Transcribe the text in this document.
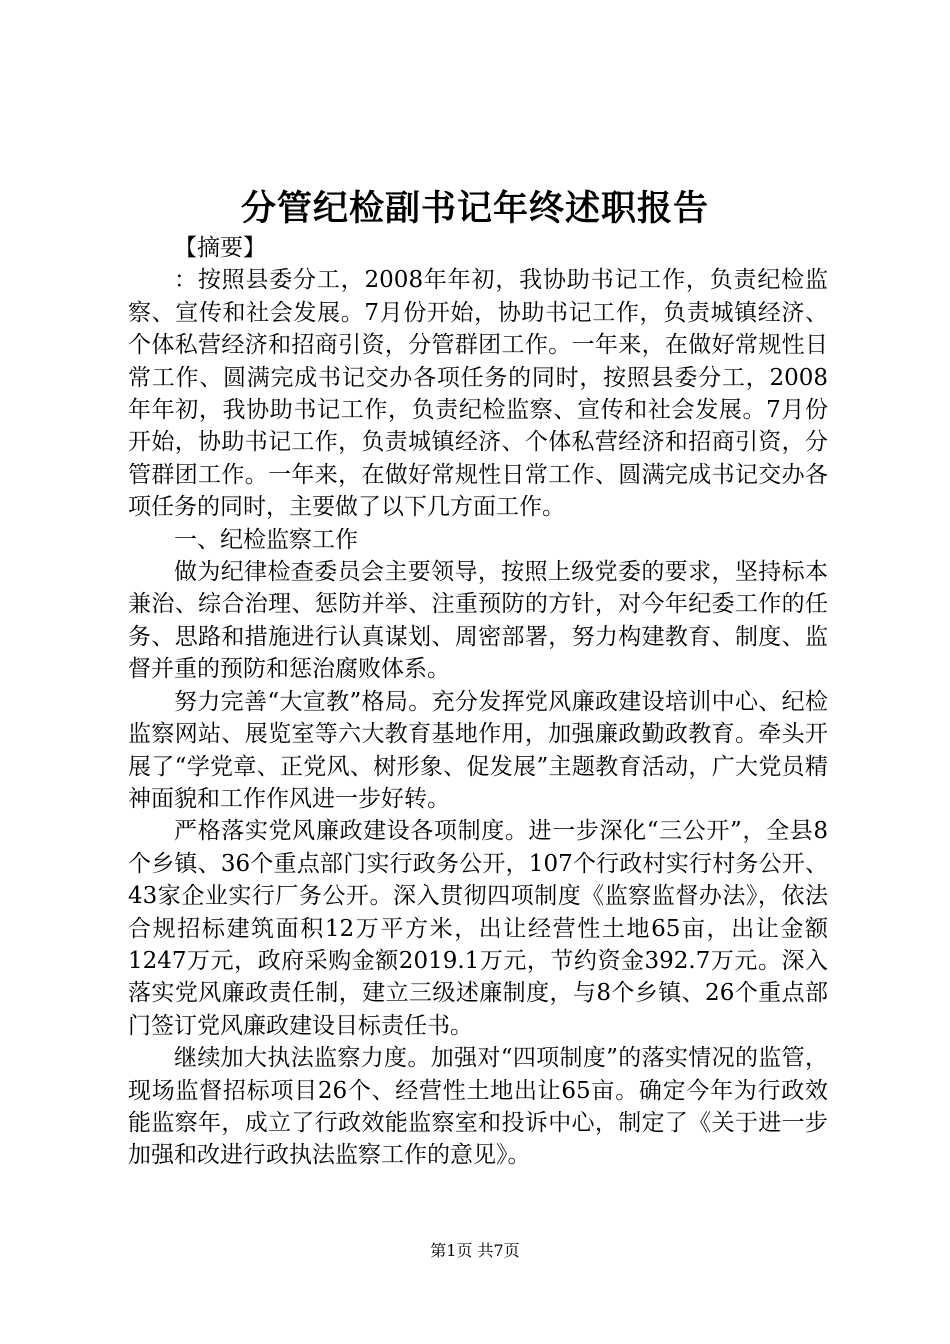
分管纪检副书记年终述职报告

【摘要】

：按照县委分工，2008年年初，我协助书记工作，负责纪检监察、宣传和社会发展。7月份开始，协助书记工作，负责城镇经济、个体私营经济和招商引资，分管群团工作。一年来，在做好常规性日常工作、圆满完成书记交办各项任务的同时，按照县委分工，2008年年初，我协助书记工作，负责纪检监察、宣传和社会发展。7月份开始，协助书记工作，负责城镇经济、个体私营经济和招商引资，分管群团工作。一年来，在做好常规性日常工作、圆满完成书记交办各项任务的同时，主要做了以下几方面工作。

一、纪检监察工作

做为纪律检查委员会主要领导，按照上级党委的要求，坚持标本兼治、综合治理、惩防并举、注重预防的方针，对今年纪委工作的任务、思路和措施进行认真谋划、周密部署，努力构建教育、制度、监督并重的预防和惩治腐败体系。

努力完善“大宣教”格局。充分发挥党风廉政建设培训中心、纪检监察网站、展览室等六大教育基地作用，加强廉政勤政教育。牵头开展了“学党章、正党风、树形象、促发展”主题教育活动，广大党员精神面貌和工作作风进一步好转。

严格落实党风廉政建设各项制度。进一步深化“三公开”，全县8个乡镇、36个重点部门实行政务公开，107个行政村实行村务公开、43家企业实行厂务公开。深入贯彻四项制度《监察监督办法》，依法合规招标建筑面积12万平方米，出让经营性土地65亩，出让金额1247万元，政府采购金额2019.1万元，节约资金392.7万元。深入落实党风廉政责任制，建立三级述廉制度，与8个乡镇、26个重点部门签订党风廉政建设目标责任书。

继续加大执法监察力度。加强对“四项制度”的落实情况的监管，现场监督招标项目26个、经营性土地出让65亩。确定今年为行政效能监察年，成立了行政效能监察室和投诉中心，制定了《关于进一步加强和改进行政执法监察工作的意见》。

第1页 共7页
